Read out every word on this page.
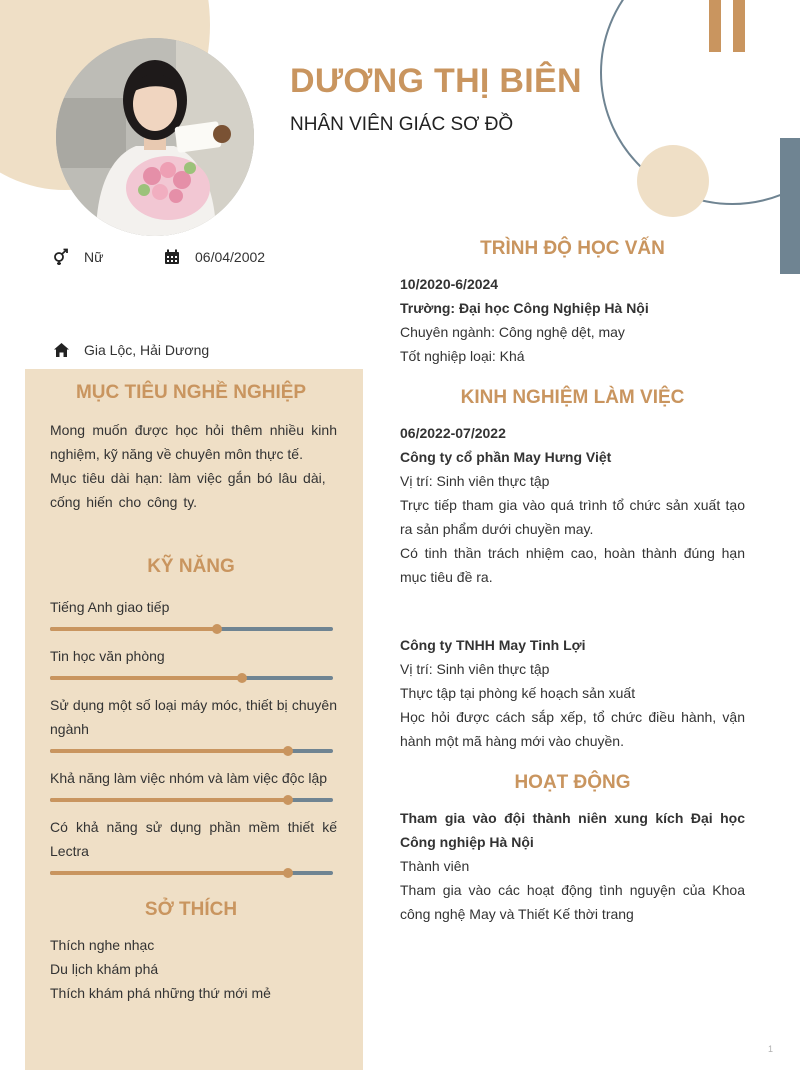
DƯƠNG THỊ BIÊN
NHÂN VIÊN GIÁC SƠ ĐỒ
Nữ	06/04/2002
Gia Lộc, Hải Dương
MỤC TIÊU NGHỀ NGHIỆP
Mong muốn được học hỏi thêm nhiều kinh nghiệm, kỹ năng về chuyên môn thực tế.
Mục tiêu dài hạn: làm việc gắn bó lâu dài, cống hiến cho công ty.
KỸ NĂNG
Tiếng Anh giao tiếp
Tin học văn phòng
Sử dụng một số loại máy móc, thiết bị chuyên ngành
Khả năng làm việc nhóm và làm việc độc lập
Có khả năng sử dụng phần mềm thiết kế Lectra
SỞ THÍCH
Thích nghe nhạc
Du lịch khám phá
Thích khám phá những thứ mới mẻ
TRÌNH ĐỘ HỌC VẤN
10/2020-6/2024
Trường: Đại học Công Nghiệp Hà Nội
Chuyên ngành: Công nghệ dệt, may
Tốt nghiệp loại: Khá
KINH NGHIỆM LÀM VIỆC
06/2022-07/2022
Công ty cổ phần May Hưng Việt
Vị trí: Sinh viên thực tập
Trực tiếp tham gia vào quá trình tổ chức sản xuất tạo ra sản phẩm dưới chuyền may.
Có tinh thần trách nhiệm cao, hoàn thành đúng hạn mục tiêu đề ra.
Công ty TNHH May Tinh Lợi
Vị trí: Sinh viên thực tập
Thực tập tại phòng kế hoạch sản xuất
Học hỏi được cách sắp xếp, tổ chức điều hành, vận hành một mã hàng mới vào chuyền.
HOẠT ĐỘNG
Tham gia vào đội thành niên xung kích Đại học Công nghiệp Hà Nội
Thành viên
Tham gia vào các hoạt động tình nguyện của Khoa công nghệ May và Thiết Kế thời trang
1
